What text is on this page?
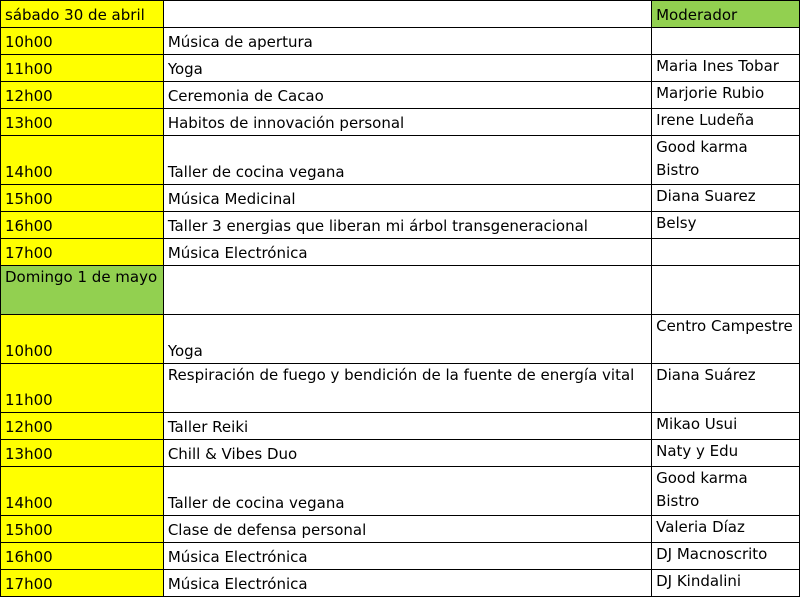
sábado 30 de abril		Moderador
10h00	Música de apertura	
11h00	Yoga	Maria Ines Tobar
12h00	Ceremonia de Cacao	Marjorie Rubio
13h00	Habitos de innovación personal	Irene Ludeña
14h00	Taller de cocina vegana	Good karma Bistro
15h00	Música Medicinal	Diana Suarez
16h00	Taller 3 energias que liberan mi árbol transgeneracional	Belsy
17h00	Música Electrónica	
Domingo 1 de mayo		
10h00	Yoga	Centro Campestre
11h00	Respiración de fuego y bendición de la fuente de energía vital	Diana Suárez
12h00	Taller Reiki	Mikao Usui
13h00	Chill & Vibes Duo	Naty y Edu
14h00	Taller de cocina vegana	Good karma Bistro
15h00	Clase de defensa personal	Valeria Díaz
16h00	Música Electrónica	DJ Macnoscrito
17h00	Música Electrónica	DJ Kindalini
